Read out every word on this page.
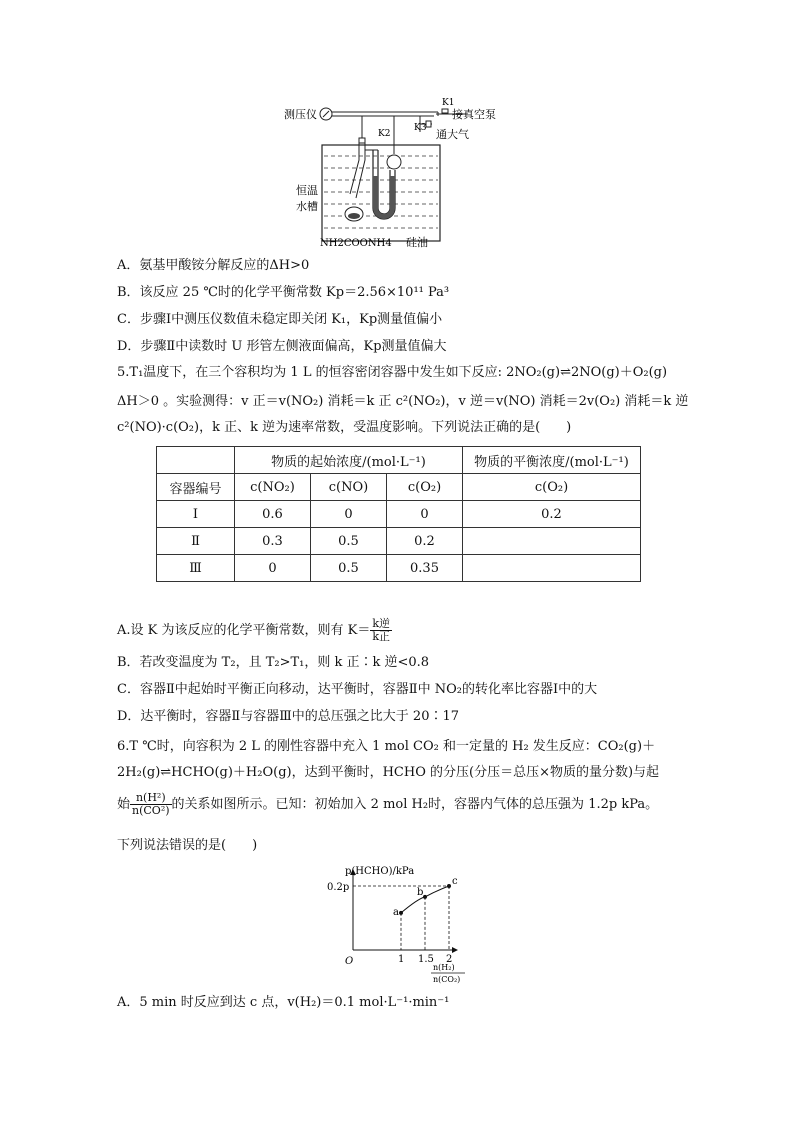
测压仪
K1
接真空泵
K3 通大气
K2
恒温
水槽
NH2COONH4 硅油
A．氨基甲酸铵分解反应的ΔH>0
B．该反应 25 ℃时的化学平衡常数 Kp＝2.56×10¹¹ Pa³
C．步骤Ⅰ中测压仪数值未稳定即关闭 K₁，Kp测量值偏小
D．步骤Ⅱ中读数时 U 形管左侧液面偏高，Kp测量值偏大
5.T₁温度下，在三个容积均为 1 L 的恒容密闭容器中发生如下反应: 2NO₂(g)⇌2NO(g)＋O₂(g)
ΔH＞0 。实验测得：v 正＝v(NO₂) 消耗＝k 正 c²(NO₂)，v 逆＝v(NO) 消耗＝2v(O₂) 消耗＝k 逆
c²(NO)·c(O₂)，k 正、k 逆为速率常数，受温度影响。下列说法正确的是(　　)
	物质的起始浓度/(mol·L⁻¹)			物质的平衡浓度/(mol·L⁻¹)
容器编号	c(NO₂)	c(NO)	c(O₂)	c(O₂)
Ⅰ	0.6	0	0	0.2
Ⅱ	0.3	0.5	0.2	
Ⅲ	0	0.5	0.35	
A.设 K 为该反应的化学平衡常数，则有 $K= \frac{\text{k逆}}{\text{k正}}$
B．若改变温度为 T₂，且 T₂>T₁，则 k 正∶k 逆<0.8
C．容器Ⅱ中起始时平衡正向移动，达平衡时，容器Ⅱ中 NO₂的转化率比容器Ⅰ中的大
D．达平衡时，容器Ⅱ与容器Ⅲ中的总压强之比大于 20∶17
6.T ℃时，向容积为 2 L 的刚性容器中充入 1 mol CO₂ 和一定量的 H₂ 发生反应：CO₂(g)＋
2H₂(g)⇌HCHO(g)＋H₂O(g)，达到平衡时，HCHO 的分压(分压＝总压×物质的量分数)与起
始 $\frac{\text{n(H²)}}{\text{n(CO²)}}$ 的关系如图所示。已知：初始加入 2 mol H₂时，容器内气体的总压强为 1.2p kPa。
下列说法错误的是(　　)
p(HCHO)/kPa
O
n(H₂)
n(CO₂)
a
b
c
1 1.5 2
0.2p
A．5 min 时反应到达 c 点，v(H₂)＝0.1 mol·L⁻¹·min⁻¹
